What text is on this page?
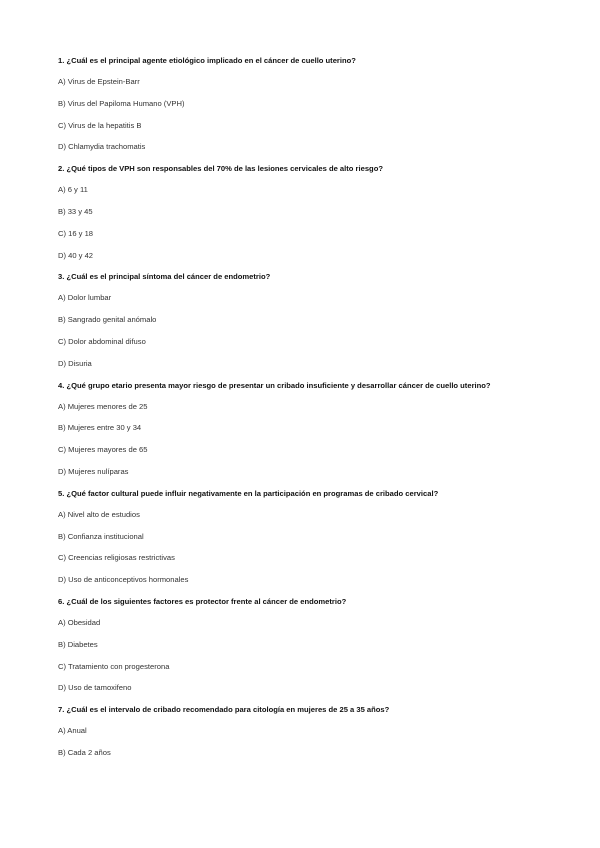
1. ¿Cuál es el principal agente etiológico implicado en el cáncer de cuello uterino?
A) Virus de Epstein-Barr
B) Virus del Papiloma Humano (VPH)
C) Virus de la hepatitis B
D) Chlamydia trachomatis
2. ¿Qué tipos de VPH son responsables del 70% de las lesiones cervicales de alto riesgo?
A) 6 y 11
B) 33 y 45
C) 16 y 18
D) 40 y 42
3. ¿Cuál es el principal síntoma del cáncer de endometrio?
A) Dolor lumbar
B) Sangrado genital anómalo
C) Dolor abdominal difuso
D) Disuria
4. ¿Qué grupo etario presenta mayor riesgo de presentar un cribado insuficiente y desarrollar cáncer de cuello uterino?
A) Mujeres menores de 25
B) Mujeres entre 30 y 34
C) Mujeres mayores de 65
D) Mujeres nulíparas
5. ¿Qué factor cultural puede influir negativamente en la participación en programas de cribado cervical?
A) Nivel alto de estudios
B) Confianza institucional
C) Creencias religiosas restrictivas
D) Uso de anticonceptivos hormonales
6. ¿Cuál de los siguientes factores es protector frente al cáncer de endometrio?
A) Obesidad
B) Diabetes
C) Tratamiento con progesterona
D) Uso de tamoxifeno
7. ¿Cuál es el intervalo de cribado recomendado para citología en mujeres de 25 a 35 años?
A) Anual
B) Cada 2 años
